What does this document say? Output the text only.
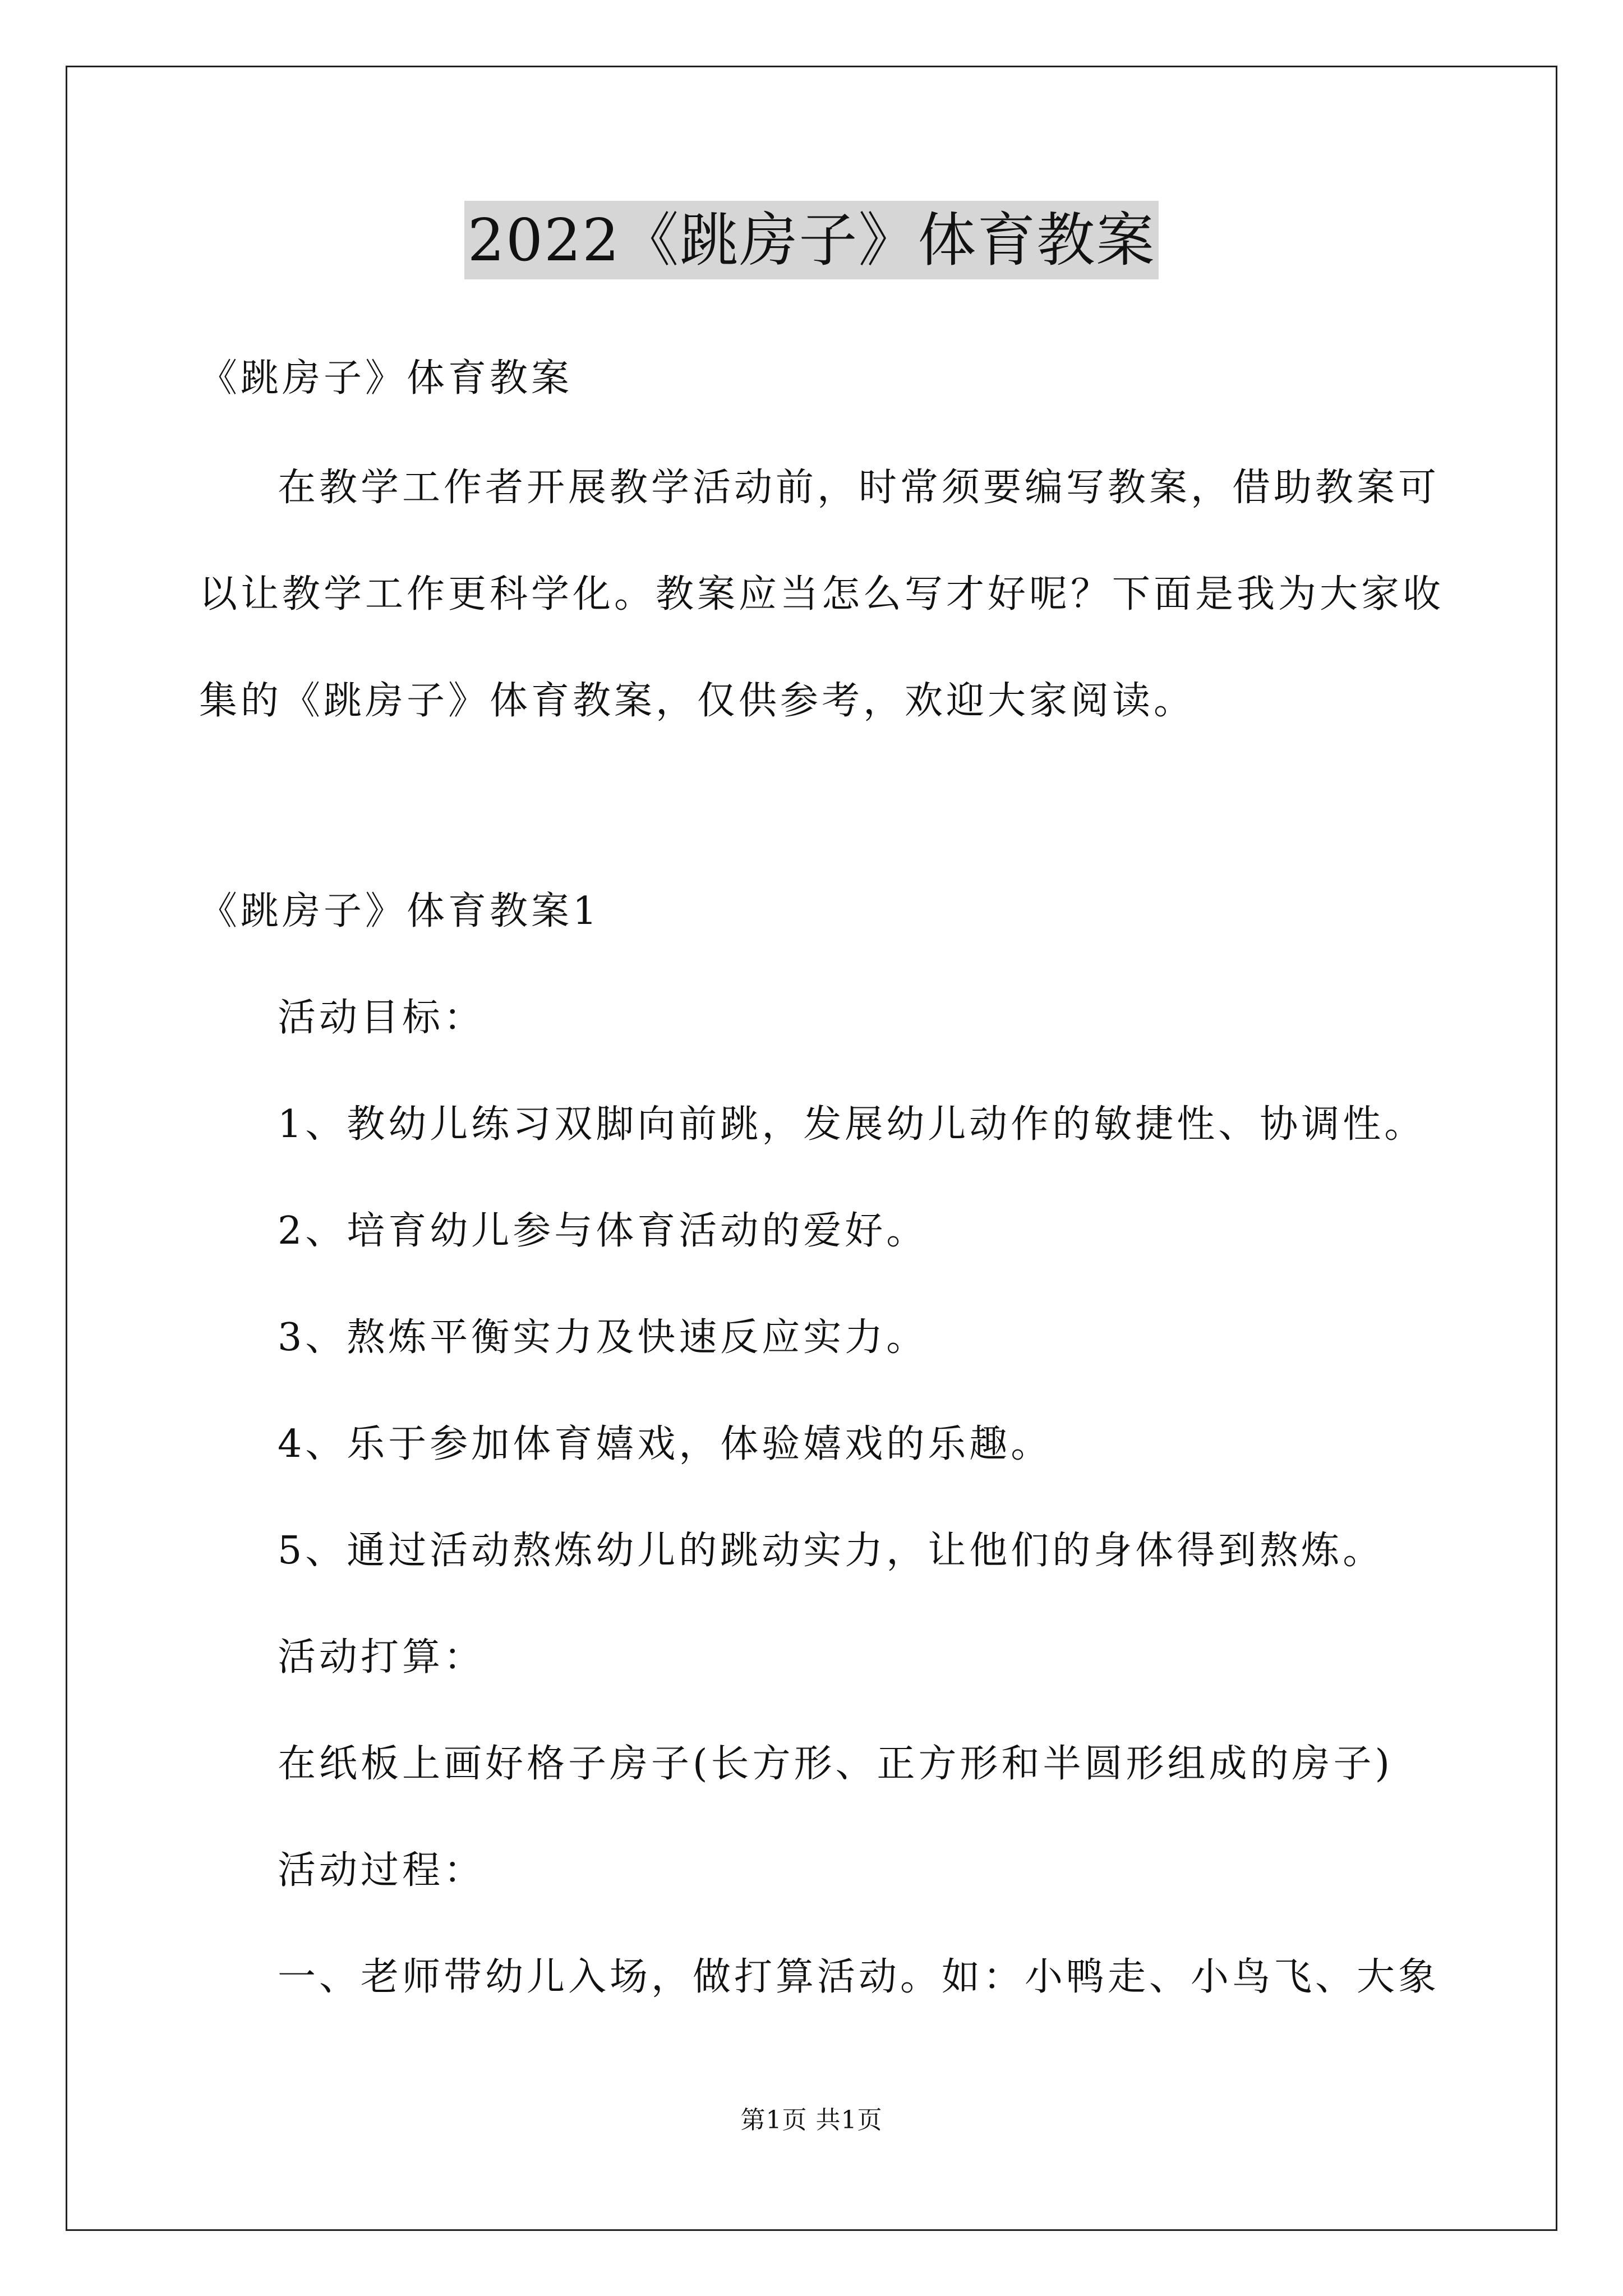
2022《跳房子》体育教案
《跳房子》体育教案
在教学工作者开展教学活动前，时常须要编写教案，借助教案可
以让教学工作更科学化。教案应当怎么写才好呢？下面是我为大家收
集的《跳房子》体育教案，仅供参考，欢迎大家阅读。
《跳房子》体育教案1
活动目标：
1、教幼儿练习双脚向前跳，发展幼儿动作的敏捷性、协调性。
2、培育幼儿参与体育活动的爱好。
3、熬炼平衡实力及快速反应实力。
4、乐于参加体育嬉戏，体验嬉戏的乐趣。
5、通过活动熬炼幼儿的跳动实力，让他们的身体得到熬炼。
活动打算：
在纸板上画好格子房子(长方形、正方形和半圆形组成的房子)
活动过程：
一、老师带幼儿入场，做打算活动。如：小鸭走、小鸟飞、大象
第1页 共1页
